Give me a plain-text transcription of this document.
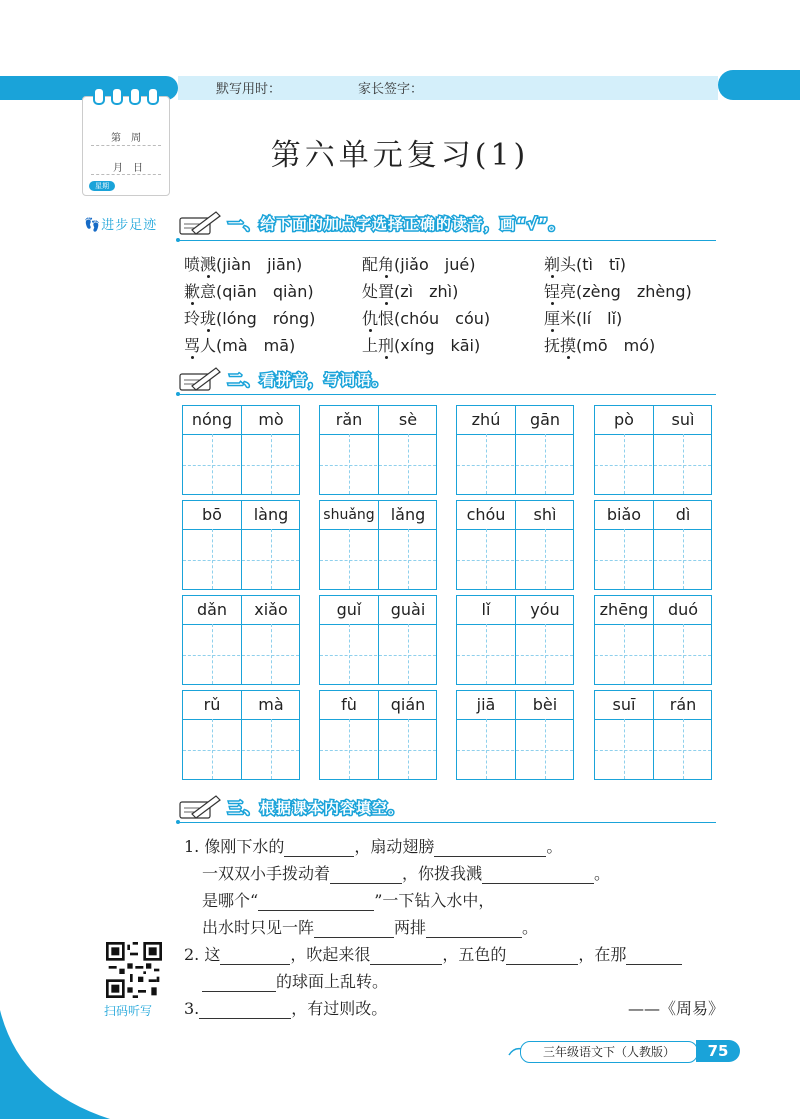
默写用时：	家长签字：
第　周
月　日
星期
👣进步足迹
第六单元复习(1)
一、给下面的加点字选择正确的读音，画“√”。
喷溅(jiàn　jiān)	配角(jiǎo　jué)	剃头(tì　tī)
歉意(qiān　qiàn)	处置(zì　zhì)	锃亮(zèng　zhèng)
玲珑(lóng　róng)	仇恨(chóu　cóu)	厘米(lí　lǐ)
骂人(mà　mā)	上刑(xíng　kāi)	抚摸(mō　mó)
二、看拼音，写词语。
nóng	mò	rǎn	sè	zhú	gān	pò	suì
bō	làng	shuǎng	lǎng	chóu	shì	biǎo	dì
dǎn	xiǎo	guǐ	guài	lǐ	yóu	zhēng	duó
rǔ	mà	fù	qián	jiā	bèi	suī	rán
三、根据课本内容填空。
1. 像刚下水的	，扇动翅膀	。
一双双小手拨动着	，你拨我溅	。
是哪个“	”一下钻入水中，
出水时只见一阵	两排	。
2. 这	，吹起来很	，五色的	，在那
的球面上乱转。
3.	，有过则改。	——《周易》
扫码听写
三年级语文下（人教版）	75
